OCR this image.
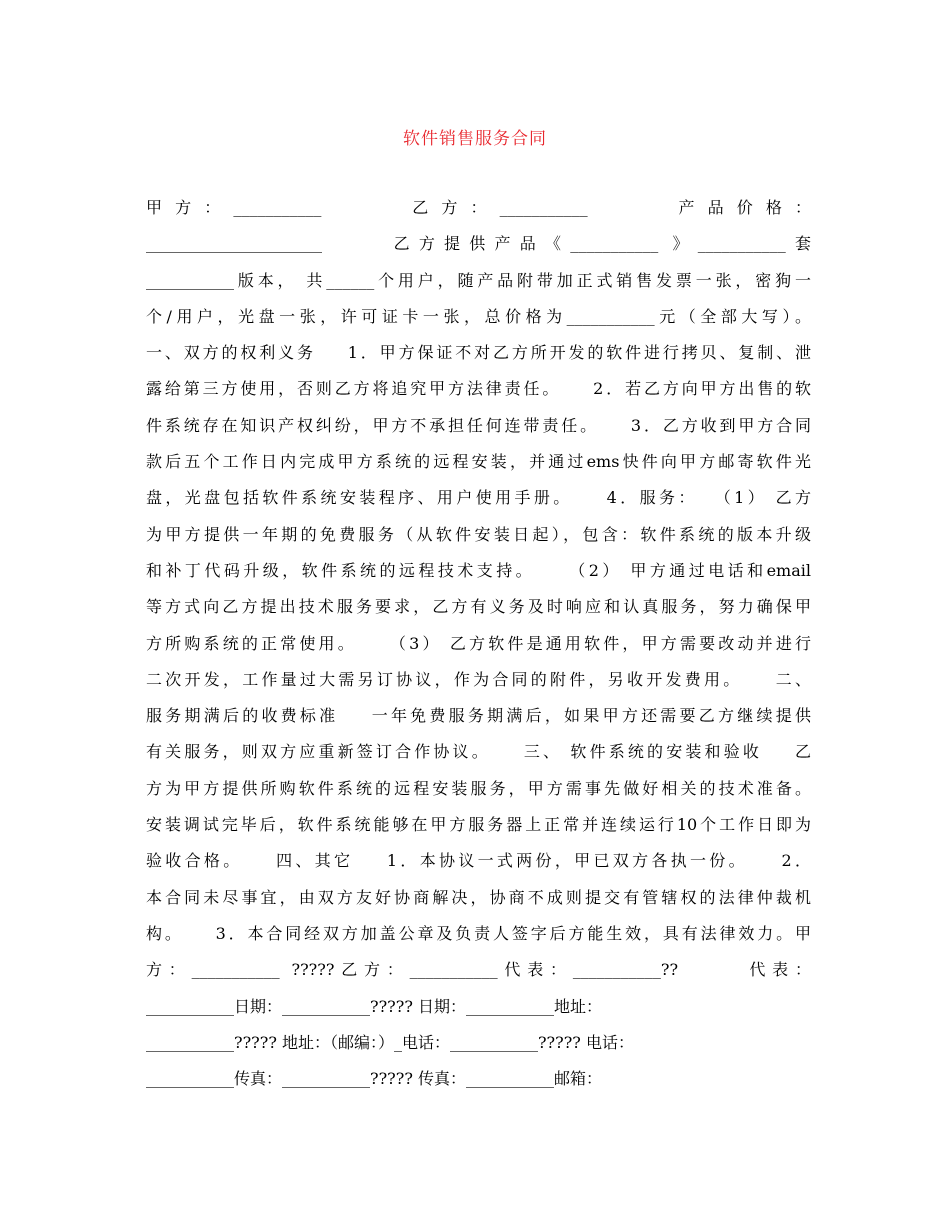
软件销售服务合同
甲方：___________     乙方：___________     产品价格：
______________________     乙方提供产品《___________ 》___________套
___________版本， 共______个用户，随产品附带加正式销售发票一张，密狗一
个/用户，光盘一张，许可证卡一张，总价格为___________元（全部大写）。
一、双方的权利义务    1．甲方保证不对乙方所开发的软件进行拷贝、复制、泄
露给第三方使用，否则乙方将追究甲方法律责任。    2．若乙方向甲方出售的软
件系统存在知识产权纠纷，甲方不承担任何连带责任。    3．乙方收到甲方合同
款后五个工作日内完成甲方系统的远程安装，并通过ems快件向甲方邮寄软件光
盘，光盘包括软件系统安装程序、用户使用手册。    4．服务：  （1） 乙方
为甲方提供一年期的免费服务（从软件安装日起），包含：软件系统的版本升级
和补丁代码升级，软件系统的远程技术支持。    （2） 甲方通过电话和email
等方式向乙方提出技术服务要求，乙方有义务及时响应和认真服务，努力确保甲
方所购系统的正常使用。    （3） 乙方软件是通用软件，甲方需要改动并进行
二次开发，工作量过大需另订协议，作为合同的附件，另收开发费用。    二、
服务期满后的收费标准    一年免费服务期满后，如果甲方还需要乙方继续提供
有关服务，则双方应重新签订合作协议。    三、 软件系统的安装和验收    乙
方为甲方提供所购软件系统的远程安装服务，甲方需事先做好相关的技术准备。
安装调试完毕后，软件系统能够在甲方服务器上正常并连续运行10个工作日即为
验收合格。    四、其它    1．本协议一式两份，甲已双方各执一份。    2．
本合同未尽事宜，由双方友好协商解决，协商不成则提交有管辖权的法律仲裁机
构。    3．本合同经双方加盖公章及负责人签字后方能生效，具有法律效力。甲
方：___________ ?????乙方：___________代表：___________??      代表：
___________日期：___________????? 日期：___________地址：
___________????? 地址：（邮编：）_电话：___________????? 电话：
___________传真：___________????? 传真：___________邮箱：
